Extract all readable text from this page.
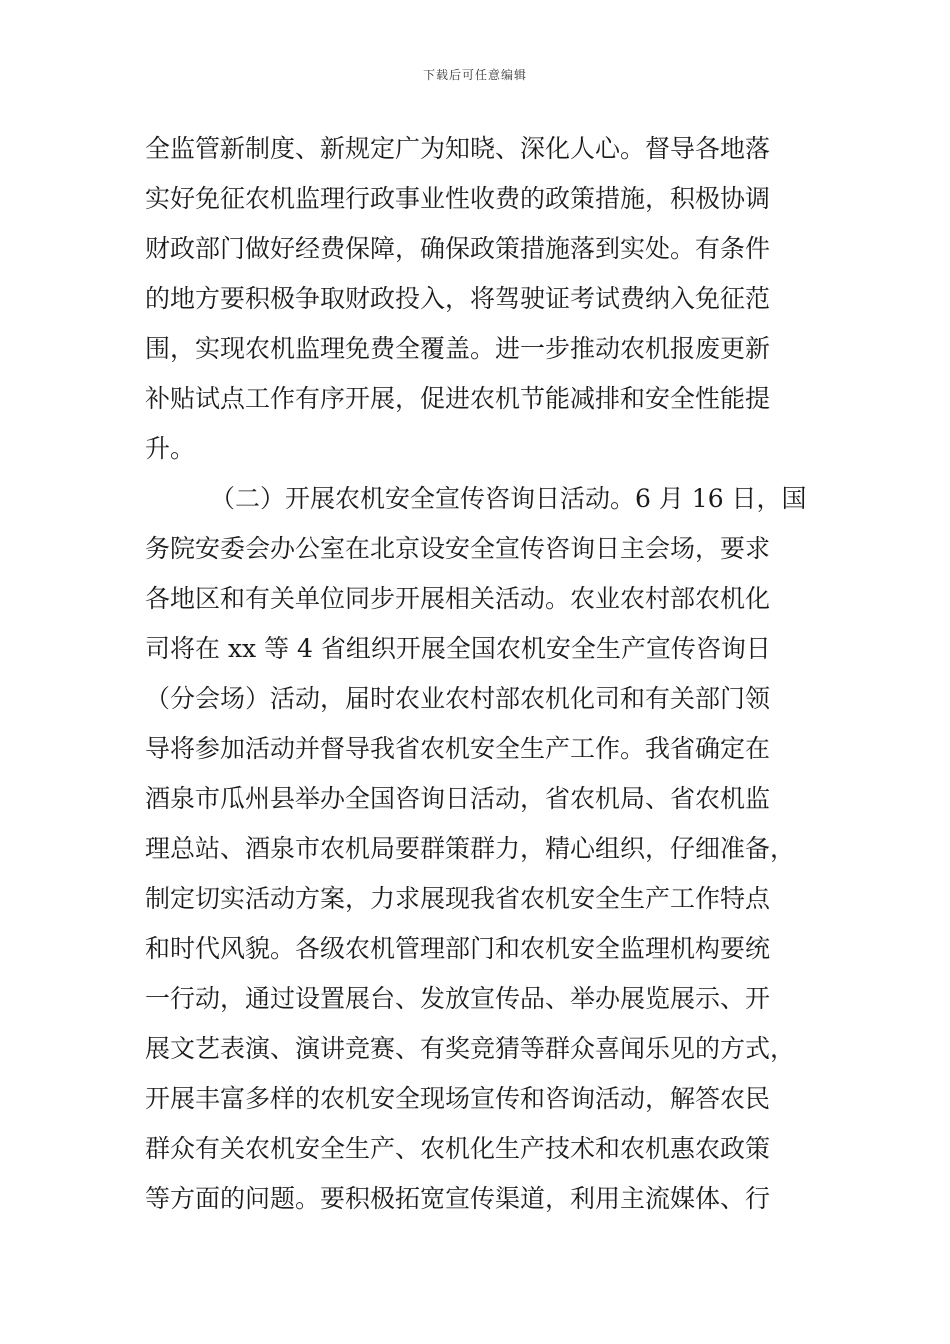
下载后可任意编辑
全监管新制度、新规定广为知晓、深化人心。督导各地落
实好免征农机监理行政事业性收费的政策措施，积极协调
财政部门做好经费保障，确保政策措施落到实处。有条件
的地方要积极争取财政投入，将驾驶证考试费纳入免征范
围，实现农机监理免费全覆盖。进一步推动农机报废更新
补贴试点工作有序开展，促进农机节能减排和安全性能提
升。
（二）开展农机安全宣传咨询日活动。6 月 16 日，国
务院安委会办公室在北京设安全宣传咨询日主会场，要求
各地区和有关单位同步开展相关活动。农业农村部农机化
司将在 xx 等 4 省组织开展全国农机安全生产宣传咨询日
（分会场）活动，届时农业农村部农机化司和有关部门领
导将参加活动并督导我省农机安全生产工作。我省确定在
酒泉市瓜州县举办全国咨询日活动，省农机局、省农机监
理总站、酒泉市农机局要群策群力，精心组织，仔细准备，
制定切实活动方案，力求展现我省农机安全生产工作特点
和时代风貌。各级农机管理部门和农机安全监理机构要统
一行动，通过设置展台、发放宣传品、举办展览展示、开
展文艺表演、演讲竞赛、有奖竞猜等群众喜闻乐见的方式，
开展丰富多样的农机安全现场宣传和咨询活动，解答农民
群众有关农机安全生产、农机化生产技术和农机惠农政策
等方面的问题。要积极拓宽宣传渠道，利用主流媒体、行
